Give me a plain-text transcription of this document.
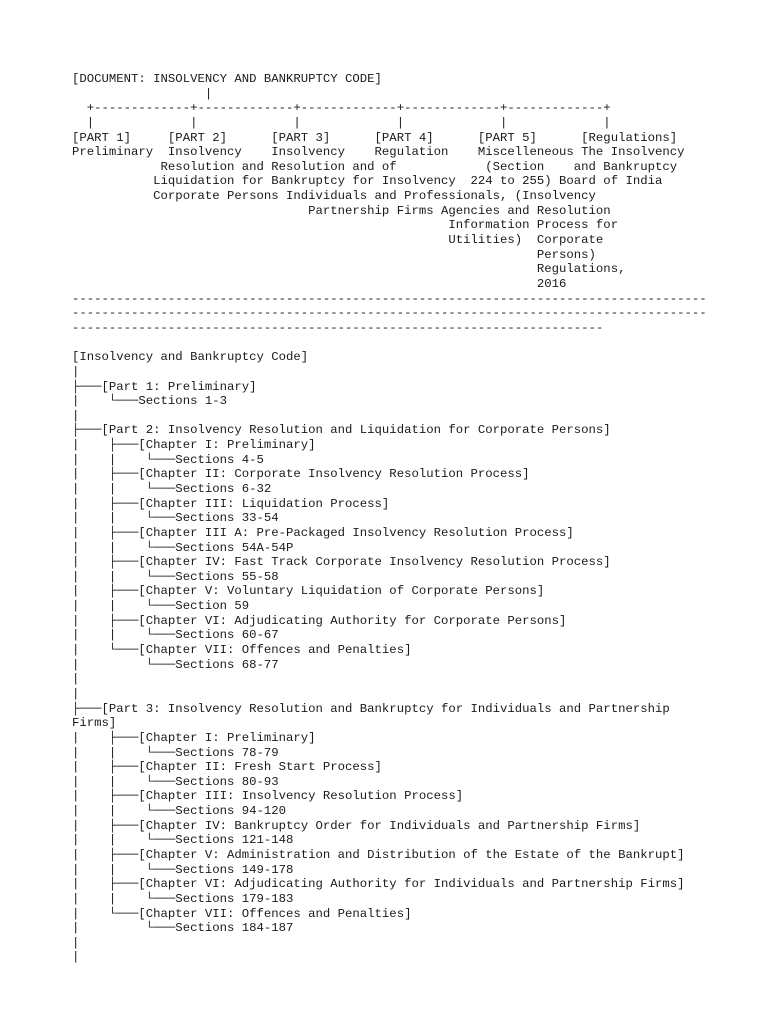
[DOCUMENT: INSOLVENCY AND BANKRUPTCY CODE]
|
+-------------+-------------+-------------+-------------+-------------+
|             |             |             |             |             |
[PART 1]     [PART 2]      [PART 3]      [PART 4]      [PART 5]      [Regulations]
Preliminary  Insolvency    Insolvency    Regulation    Miscelleneous The Insolvency
Resolution and Resolution and of            (Section    and Bankruptcy
Liquidation for Bankruptcy for Insolvency  224 to 255) Board of India
Corporate Persons Individuals and Professionals, (Insolvency
Partnership Firms Agencies and Resolution
Information Process for
Utilities)  Corporate
Persons)
Regulations,
2016
----------------------------------------------------------------------------------------------------------------------------------------------------------------------------------------------------------------------------------------------------
[Insolvency and Bankruptcy Code]
|
├───[Part 1: Preliminary]
|    └───Sections 1-3
|
├───[Part 2: Insolvency Resolution and Liquidation for Corporate Persons]
|    ├───[Chapter I: Preliminary]
|    |    └───Sections 4-5
|    ├───[Chapter II: Corporate Insolvency Resolution Process]
|    |    └───Sections 6-32
|    ├───[Chapter III: Liquidation Process]
|    |    └───Sections 33-54
|    ├───[Chapter III A: Pre-Packaged Insolvency Resolution Process]
|    |    └───Sections 54A-54P
|    ├───[Chapter IV: Fast Track Corporate Insolvency Resolution Process]
|    |    └───Sections 55-58
|    ├───[Chapter V: Voluntary Liquidation of Corporate Persons]
|    |    └───Section 59
|    ├───[Chapter VI: Adjudicating Authority for Corporate Persons]
|    |    └───Sections 60-67
|    └───[Chapter VII: Offences and Penalties]
|         └───Sections 68-77
|
|
├───[Part 3: Insolvency Resolution and Bankruptcy for Individuals and Partnership
Firms]
|    ├───[Chapter I: Preliminary]
|    |    └───Sections 78-79
|    ├───[Chapter II: Fresh Start Process]
|    |    └───Sections 80-93
|    ├───[Chapter III: Insolvency Resolution Process]
|    |    └───Sections 94-120
|    ├───[Chapter IV: Bankruptcy Order for Individuals and Partnership Firms]
|    |    └───Sections 121-148
|    ├───[Chapter V: Administration and Distribution of the Estate of the Bankrupt]
|    |    └───Sections 149-178
|    ├───[Chapter VI: Adjudicating Authority for Individuals and Partnership Firms]
|    |    └───Sections 179-183
|    └───[Chapter VII: Offences and Penalties]
|         └───Sections 184-187
|
|
